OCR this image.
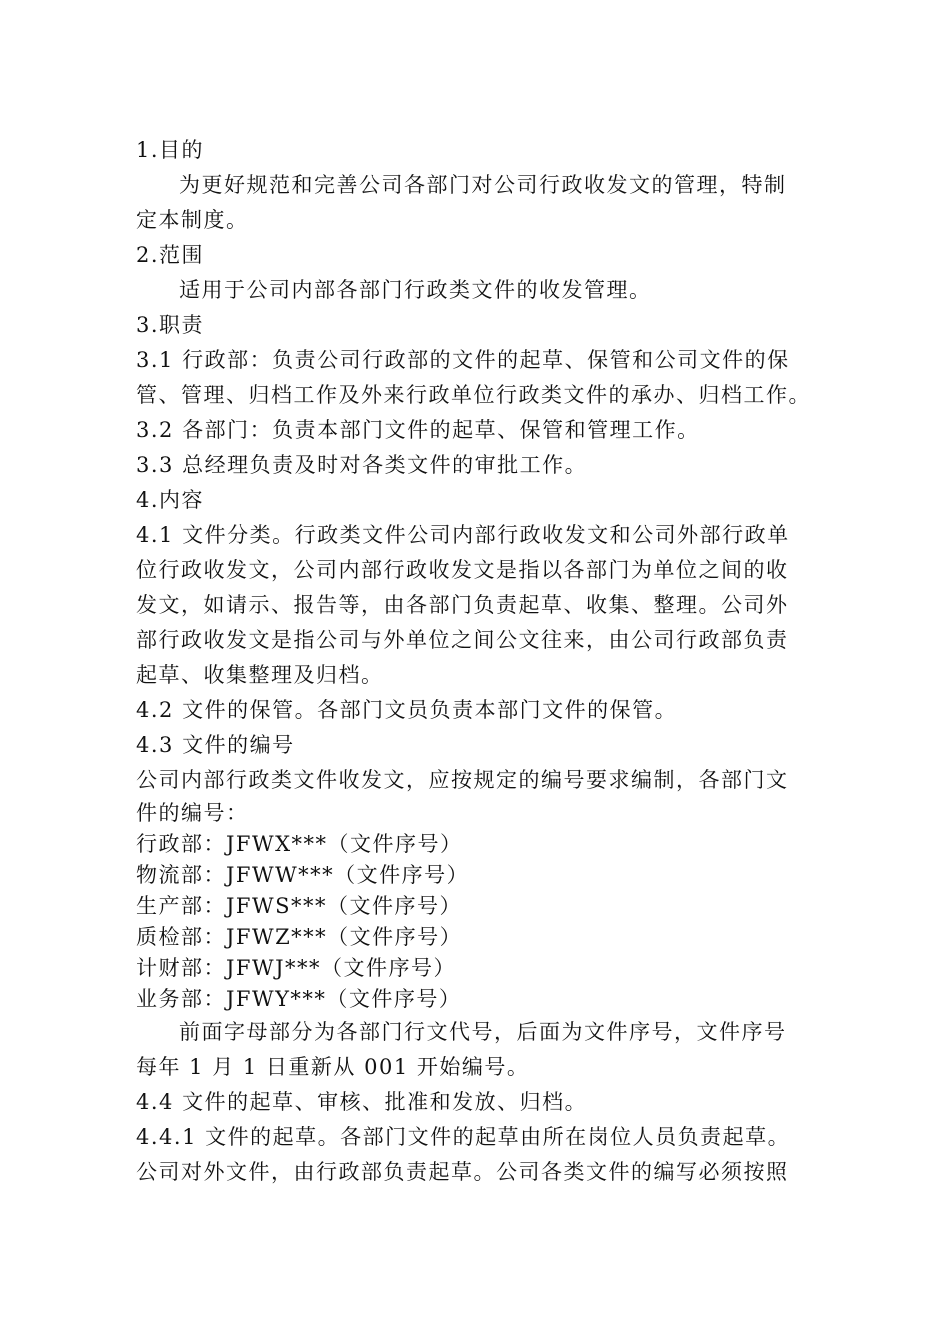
1.目的
为更好规范和完善公司各部门对公司行政收发文的管理，特制
定本制度。
2.范围
适用于公司内部各部门行政类文件的收发管理。
3.职责
3.1 行政部：负责公司行政部的文件的起草、保管和公司文件的保
管、管理、归档工作及外来行政单位行政类文件的承办、归档工作。
3.2 各部门：负责本部门文件的起草、保管和管理工作。
3.3 总经理负责及时对各类文件的审批工作。
4.内容
4.1 文件分类。行政类文件公司内部行政收发文和公司外部行政单
位行政收发文，公司内部行政收发文是指以各部门为单位之间的收
发文，如请示、报告等，由各部门负责起草、收集、整理。公司外
部行政收发文是指公司与外单位之间公文往来，由公司行政部负责
起草、收集整理及归档。
4.2 文件的保管。各部门文员负责本部门文件的保管。
4.3 文件的编号
公司内部行政类文件收发文，应按规定的编号要求编制，各部门文
件的编号：
行政部：JFWX***（文件序号）
物流部：JFWW***（文件序号）
生产部：JFWS***（文件序号）
质检部：JFWZ***（文件序号）
计财部：JFWJ***（文件序号）
业务部：JFWY***（文件序号）
前面字母部分为各部门行文代号，后面为文件序号，文件序号
每年 1 月 1 日重新从 001 开始编号。
4.4 文件的起草、审核、批准和发放、归档。
4.4.1 文件的起草。各部门文件的起草由所在岗位人员负责起草。
公司对外文件，由行政部负责起草。公司各类文件的编写必须按照
